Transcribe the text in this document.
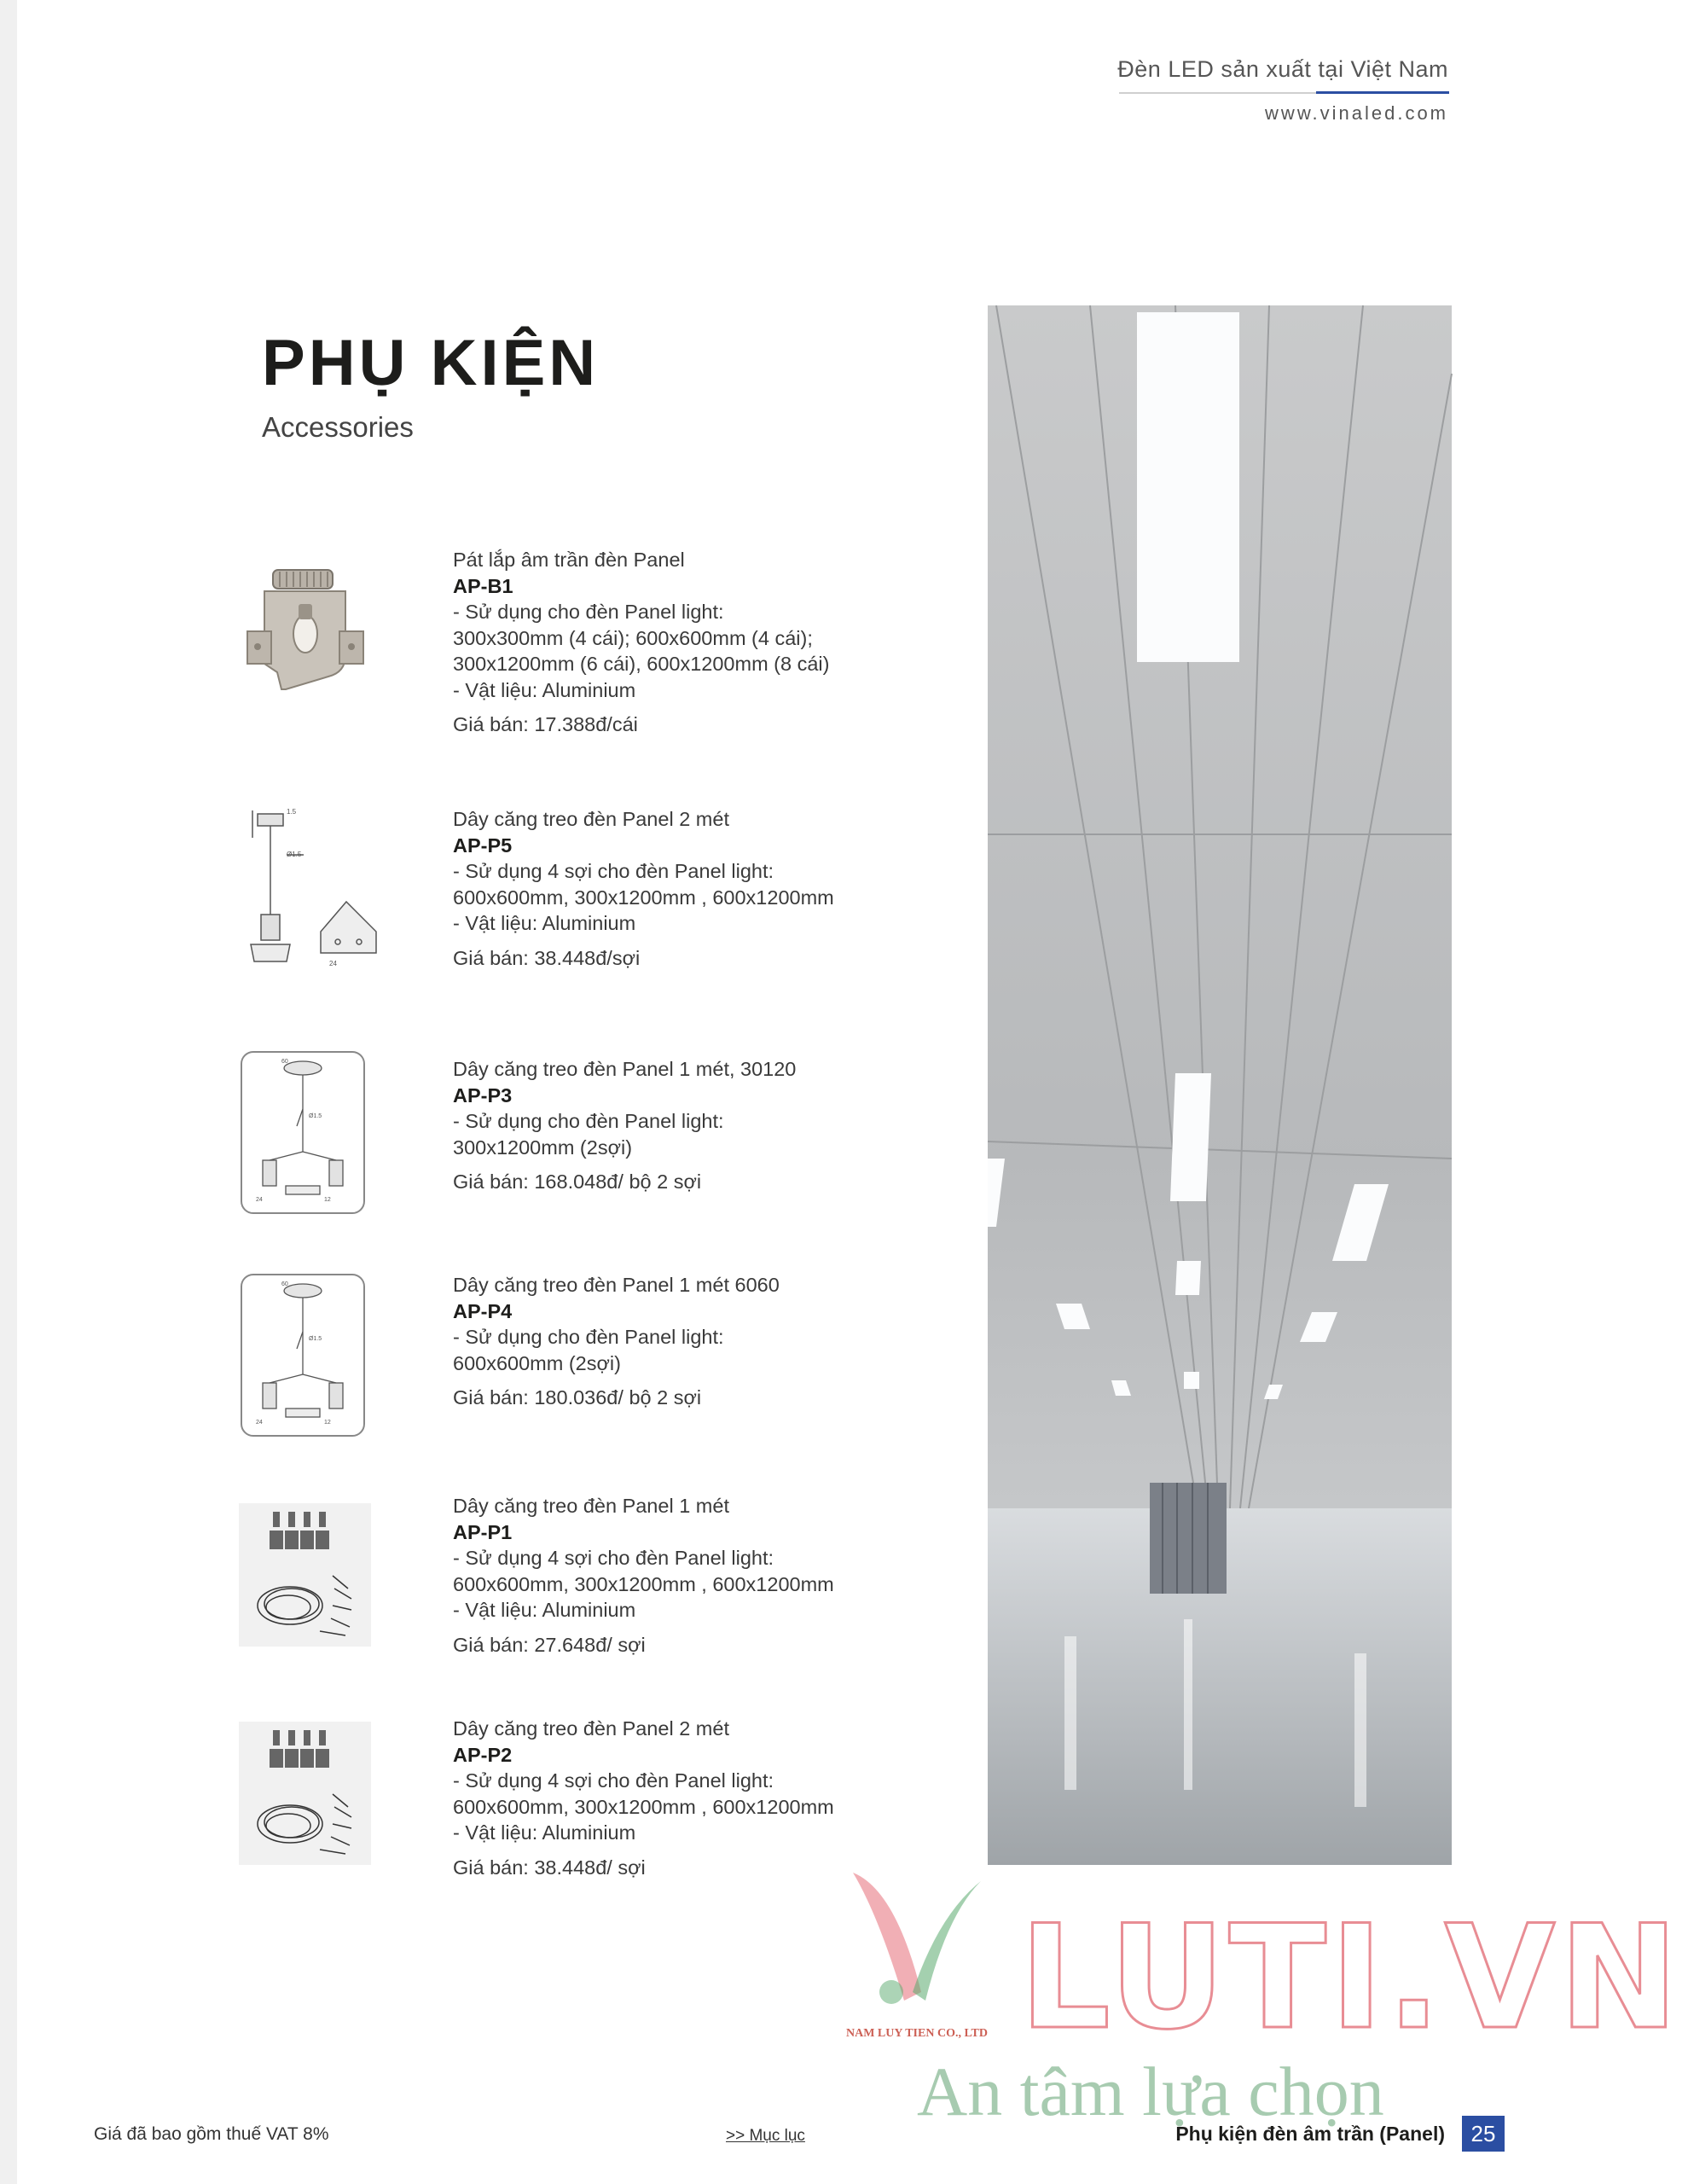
Đèn LED sản xuất tại Việt Nam
www.vinaled.com
PHỤ KIỆN
Accessories
Pát lắp âm trần đèn Panel
AP-B1
- Sử dụng cho đèn Panel light:
300x300mm (4 cái); 600x600mm (4 cái);
300x1200mm (6 cái), 600x1200mm (8 cái)
- Vật liệu: Aluminium
Giá bán: 17.388đ/cái
1.5
Ø1.5
24
Dây căng treo đèn Panel 2 mét
AP-P5
- Sử dụng 4 sợi cho đèn Panel light:
600x600mm, 300x1200mm , 600x1200mm
- Vật liệu: Aluminium
Giá bán: 38.448đ/sợi
60
Ø1.5
24	12
Dây căng treo đèn Panel 1 mét, 30120
AP-P3
- Sử dụng cho đèn Panel light:
300x1200mm (2sợi)
Giá bán: 168.048đ/ bộ 2 sợi
60
Ø1.5
24	12
Dây căng treo đèn Panel 1 mét 6060
AP-P4
- Sử dụng cho đèn Panel light:
600x600mm (2sợi)
Giá bán: 180.036đ/ bộ 2 sợi
Dây căng treo đèn Panel 1 mét
AP-P1
- Sử dụng 4 sợi cho đèn Panel light:
600x600mm, 300x1200mm , 600x1200mm
- Vật liệu: Aluminium
Giá bán: 27.648đ/ sợi
Dây căng treo đèn Panel 2 mét
AP-P2
- Sử dụng 4 sợi cho đèn Panel light:
600x600mm, 300x1200mm , 600x1200mm
- Vật liệu: Aluminium
Giá bán: 38.448đ/ sợi
LUTI.VN
NAM LUY TIEN CO., LTD
An tâm lựa chọn
Giá đã bao gồm thuế VAT 8%	>> Mục lục	Phụ kiện đèn âm trần (Panel)	25
